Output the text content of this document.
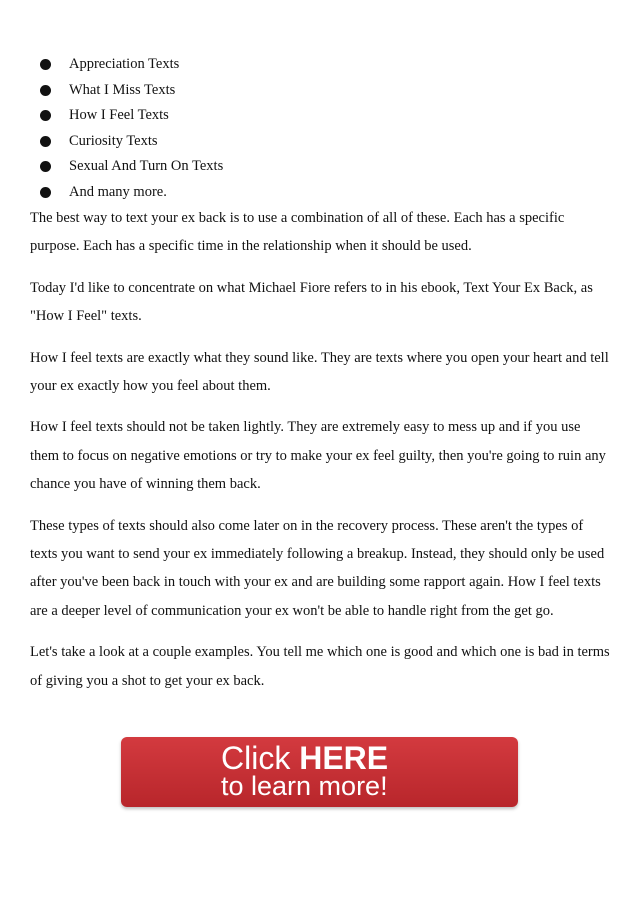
Appreciation Texts
What I Miss Texts
How I Feel Texts
Curiosity Texts
Sexual And Turn On Texts
And many more.

The best way to text your ex back is to use a combination of all of these. Each has a specific purpose. Each has a specific time in the relationship when it should be used.

Today I'd like to concentrate on what Michael Fiore refers to in his ebook, Text Your Ex Back, as "How I Feel" texts.

How I feel texts are exactly what they sound like. They are texts where you open your heart and tell your ex exactly how you feel about them.

How I feel texts should not be taken lightly. They are extremely easy to mess up and if you use them to focus on negative emotions or try to make your ex feel guilty, then you're going to ruin any chance you have of winning them back.

These types of texts should also come later on in the recovery process. These aren't the types of texts you want to send your ex immediately following a breakup. Instead, they should only be used after you've been back in touch with your ex and are building some rapport again. How I feel texts are a deeper level of communication your ex won't be able to handle right from the get go.

Let's take a look at a couple examples. You tell me which one is good and which one is bad in terms of giving you a shot to get your ex back.

Click HERE
to learn more!
